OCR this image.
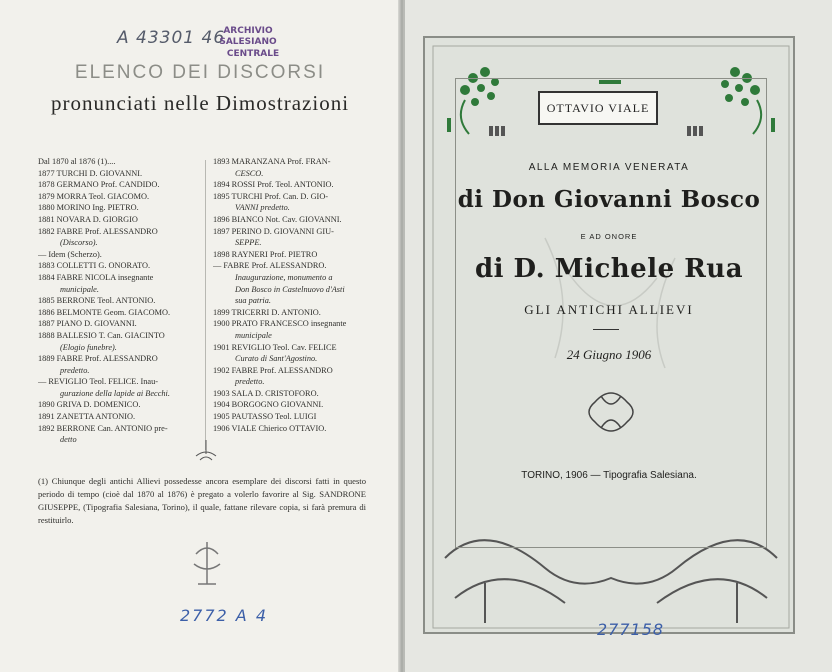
A 43301 46
ARCHIVIO SALESIANO
CENTRALE
ELENCO DEI DISCORSI
pronunciati nelle Dimostrazioni
Dal 1870 al 1876 (1)....
1877 TURCHI D. GIOVANNI.
1878 GERMANO Prof. CANDIDO.
1879 MORRA Teol. GIACOMO.
1880 MORINO Ing. PIETRO.
1881 NOVARA D. GIORGIO
1882 FABRE Prof. ALESSANDRO
(Discorso).
— Idem (Scherzo).
1883 COLLETTI G. ONORATO.
1884 FABRE NICOLA insegnante
municipale.
1885 BERRONE Teol. ANTONIO.
1886 BELMONTE Geom. GIACOMO.
1887 PIANO D. GIOVANNI.
1888 BALLESIO T. Can. GIACINTO
(Elogio funebre).
1889 FABRE Prof. ALESSANDRO
predetto.
— REVIGLIO Teol. FELICE. Inau-
gurazione della lapide ai Becchi.
1890 GRIVA D. DOMENICO.
1891 ZANETTA ANTONIO.
1892 BERRONE Can. ANTONIO pre-
detto
1893 MARANZANA Prof. FRAN-
CESCO.
1894 ROSSI Prof. Teol. ANTONIO.
1895 TURCHI Prof. Can. D. GIO-
VANNI predetto.
1896 BIANCO Not. Cav. GIOVANNI.
1897 PERINO D. GIOVANNI GIU-
SEPPE.
1898 RAYNERI Prof. PIETRO
— FABRE Prof. ALESSANDRO.
Inaugurazione, monumento a
Don Bosco in Castelnuovo d'Asti
sua patria.
1899 TRICERRI D. ANTONIO.
1900 PRATO FRANCESCO insegnante
municipale
1901 REVIGLIO Teol. Cav. FELICE
Curato di Sant'Agostino.
1902 FABRE Prof. ALESSANDRO
predetto.
1903 SALA D. CRISTOFORO.
1904 BORGOGNO GIOVANNI.
1905 PAUTASSO Teol. LUIGI
1906 VIALE Chierico OTTAVIO.
(1) Chiunque degli antichi Allievi possedesse ancora esemplare dei discorsi fatti in questo periodo di tempo (cioè dal 1870 al 1876) è pregato a volerlo favorire al Sig. SANDRONE GIUSEPPE, (Tipografia Salesiana, Torino), il quale, fattane rilevare copia, si farà premura di restituirlo.
2772 A 4
OTTAVIO VIALE
ALLA MEMORIA VENERATA
di Don Giovanni Bosco
E AD ONORE
di D. Michele Rua
GLI ANTICHI ALLIEVI
24 Giugno 1906
TORINO, 1906 — Tipografia Salesiana.
277158
